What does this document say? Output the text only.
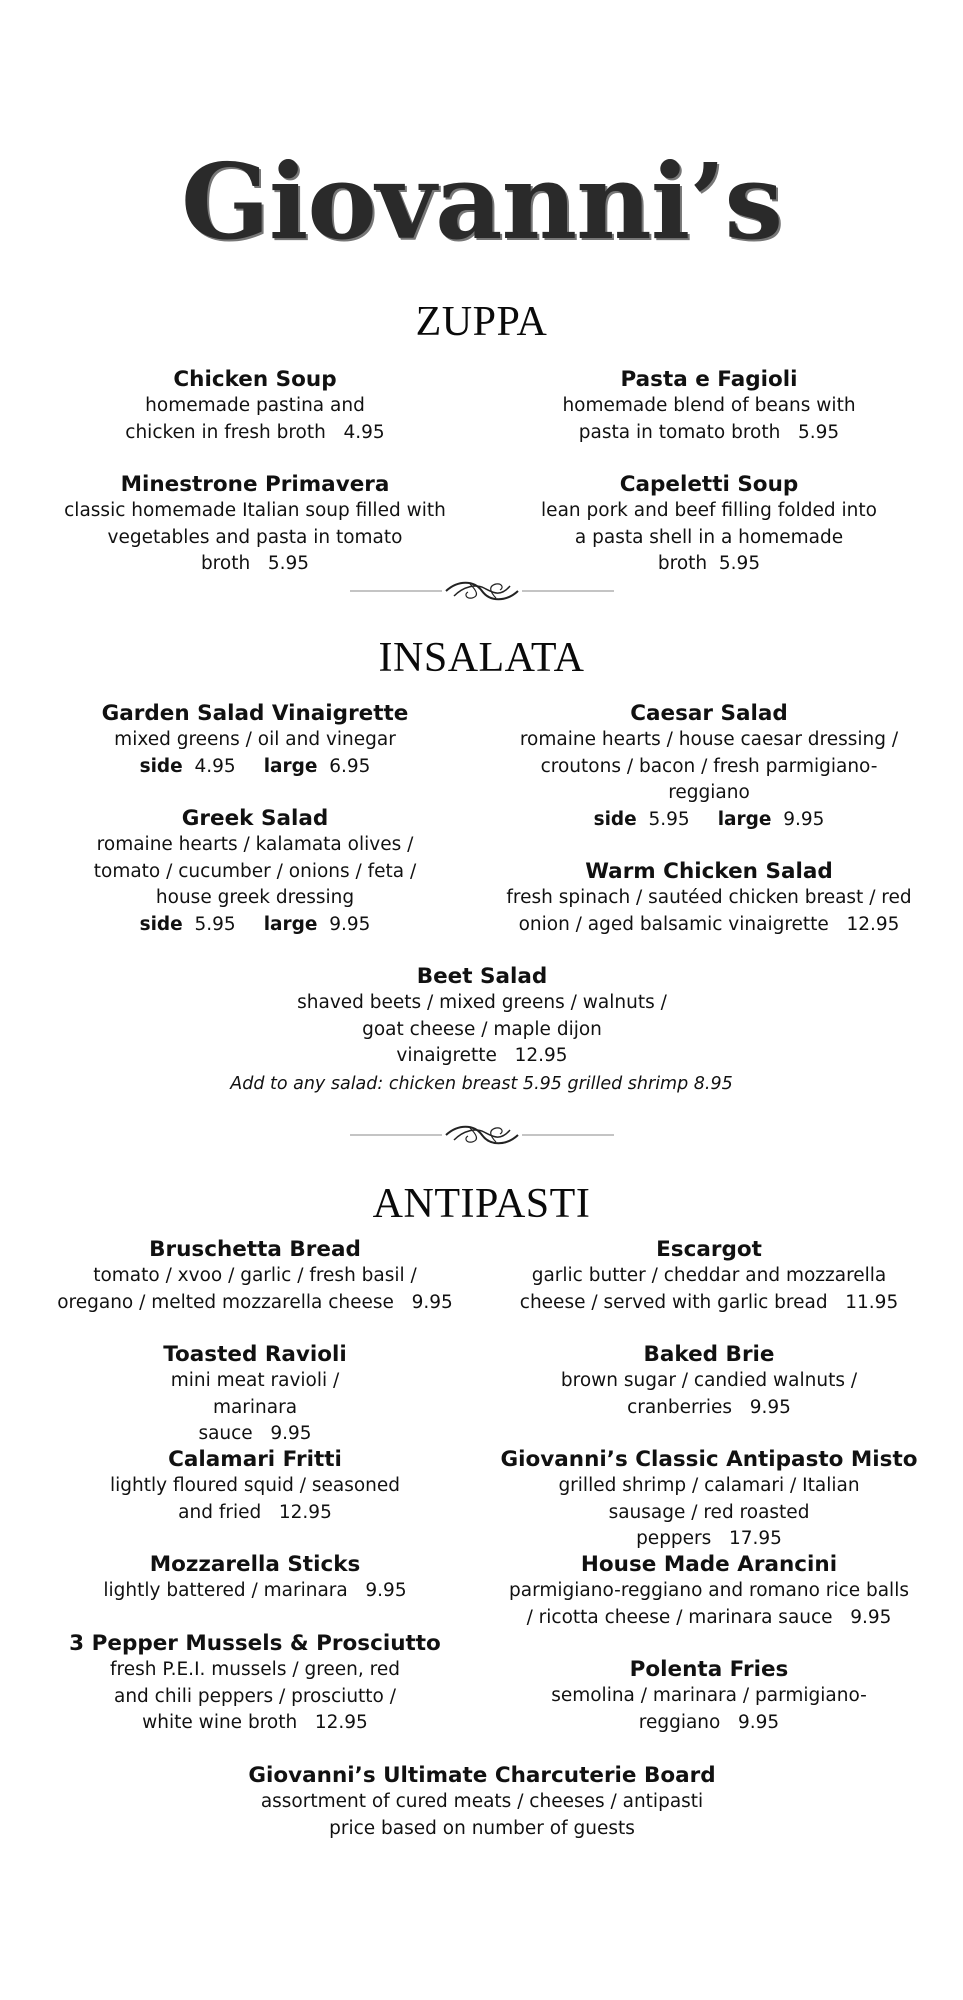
Giovanni’s
ZUPPA
Chicken Soup
homemade pastina and chicken in fresh broth 4.95
Pasta e Fagioli
homemade blend of beans with pasta in tomato broth 5.95
Minestrone Primavera
classic homemade Italian soup filled with vegetables and pasta in tomato broth 5.95
Capeletti Soup
lean pork and beef filling folded into a pasta shell in a homemade broth 5.95
INSALATA
Garden Salad Vinaigrette
mixed greens / oil and vinegar
side 4.95 large 6.95
Caesar Salad
romaine hearts / house caesar dressing / croutons / bacon / fresh parmigiano-reggiano
side 5.95 large 9.95
Greek Salad
romaine hearts / kalamata olives / tomato / cucumber / onions / feta / house greek dressing
side 5.95 large 9.95
Warm Chicken Salad
fresh spinach / sautéed chicken breast / red onion / aged balsamic vinaigrette 12.95
Beet Salad
shaved beets / mixed greens / walnuts / goat cheese / maple dijon vinaigrette 12.95
Add to any salad: chicken breast 5.95 grilled shrimp 8.95
ANTIPASTI
Bruschetta Bread
tomato / xvoo / garlic / fresh basil / oregano / melted mozzarella cheese 9.95
Escargot
garlic butter / cheddar and mozzarella cheese / served with garlic bread 11.95
Toasted Ravioli
mini meat ravioli / marinara sauce 9.95
Baked Brie
brown sugar / candied walnuts / cranberries 9.95
Calamari Fritti
lightly floured squid / seasoned and fried 12.95
Giovanni’s Classic Antipasto Misto
grilled shrimp / calamari / Italian sausage / red roasted peppers 17.95
Mozzarella Sticks
lightly battered / marinara 9.95
House Made Arancini
parmigiano-reggiano and romano rice balls / ricotta cheese / marinara sauce 9.95
3 Pepper Mussels & Prosciutto
fresh P.E.I. mussels / green, red and chili peppers / prosciutto / white wine broth 12.95
Polenta Fries
semolina / marinara / parmigiano-reggiano 9.95
Giovanni’s Ultimate Charcuterie Board
assortment of cured meats / cheeses / antipasti
price based on number of guests
